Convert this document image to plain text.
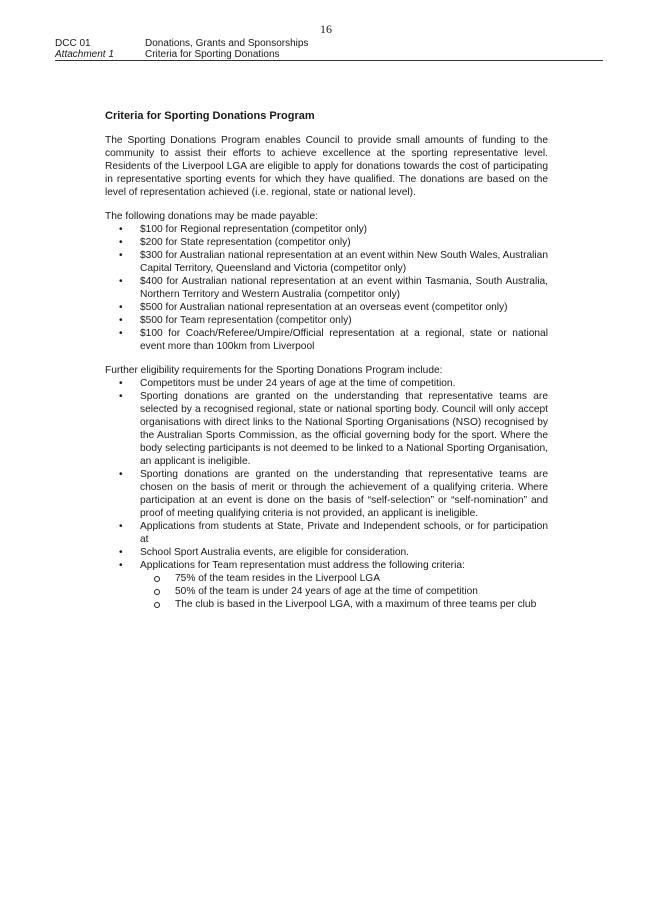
16
DCC 01
Attachment 1
Donations, Grants and Sponsorships
Criteria for Sporting Donations
Criteria for Sporting Donations Program

The Sporting Donations Program enables Council to provide small amounts of funding to the community to assist their efforts to achieve excellence at the sporting representative level. Residents of the Liverpool LGA are eligible to apply for donations towards the cost of participating in representative sporting events for which they have qualified. The donations are based on the level of representation achieved (i.e. regional, state or national level).

The following donations may be made payable:

• $100 for Regional representation (competitor only)
• $200 for State representation (competitor only)
• $300 for Australian national representation at an event within New South Wales, Australian Capital Territory, Queensland and Victoria (competitor only)
• $400 for Australian national representation at an event within Tasmania, South Australia, Northern Territory and Western Australia (competitor only)
• $500 for Australian national representation at an overseas event (competitor only)
• $500 for Team representation (competitor only)
• $100 for Coach/Referee/Umpire/Official representation at a regional, state or national event more than 100km from Liverpool

Further eligibility requirements for the Sporting Donations Program include:

• Competitors must be under 24 years of age at the time of competition.
• Sporting donations are granted on the understanding that representative teams are selected by a recognised regional, state or national sporting body. Council will only accept organisations with direct links to the National Sporting Organisations (NSO) recognised by the Australian Sports Commission, as the official governing body for the sport. Where the body selecting participants is not deemed to be linked to a National Sporting Organisation, an applicant is ineligible.
• Sporting donations are granted on the understanding that representative teams are chosen on the basis of merit or through the achievement of a qualifying criteria. Where participation at an event is done on the basis of “self-selection” or “self-nomination” and proof of meeting qualifying criteria is not provided, an applicant is ineligible.
• Applications from students at State, Private and Independent schools, or for participation at
• School Sport Australia events, are eligible for consideration.
• Applications for Team representation must address the following criteria:
75% of the team resides in the Liverpool LGA
50% of the team is under 24 years of age at the time of competition
The club is based in the Liverpool LGA, with a maximum of three teams per club
